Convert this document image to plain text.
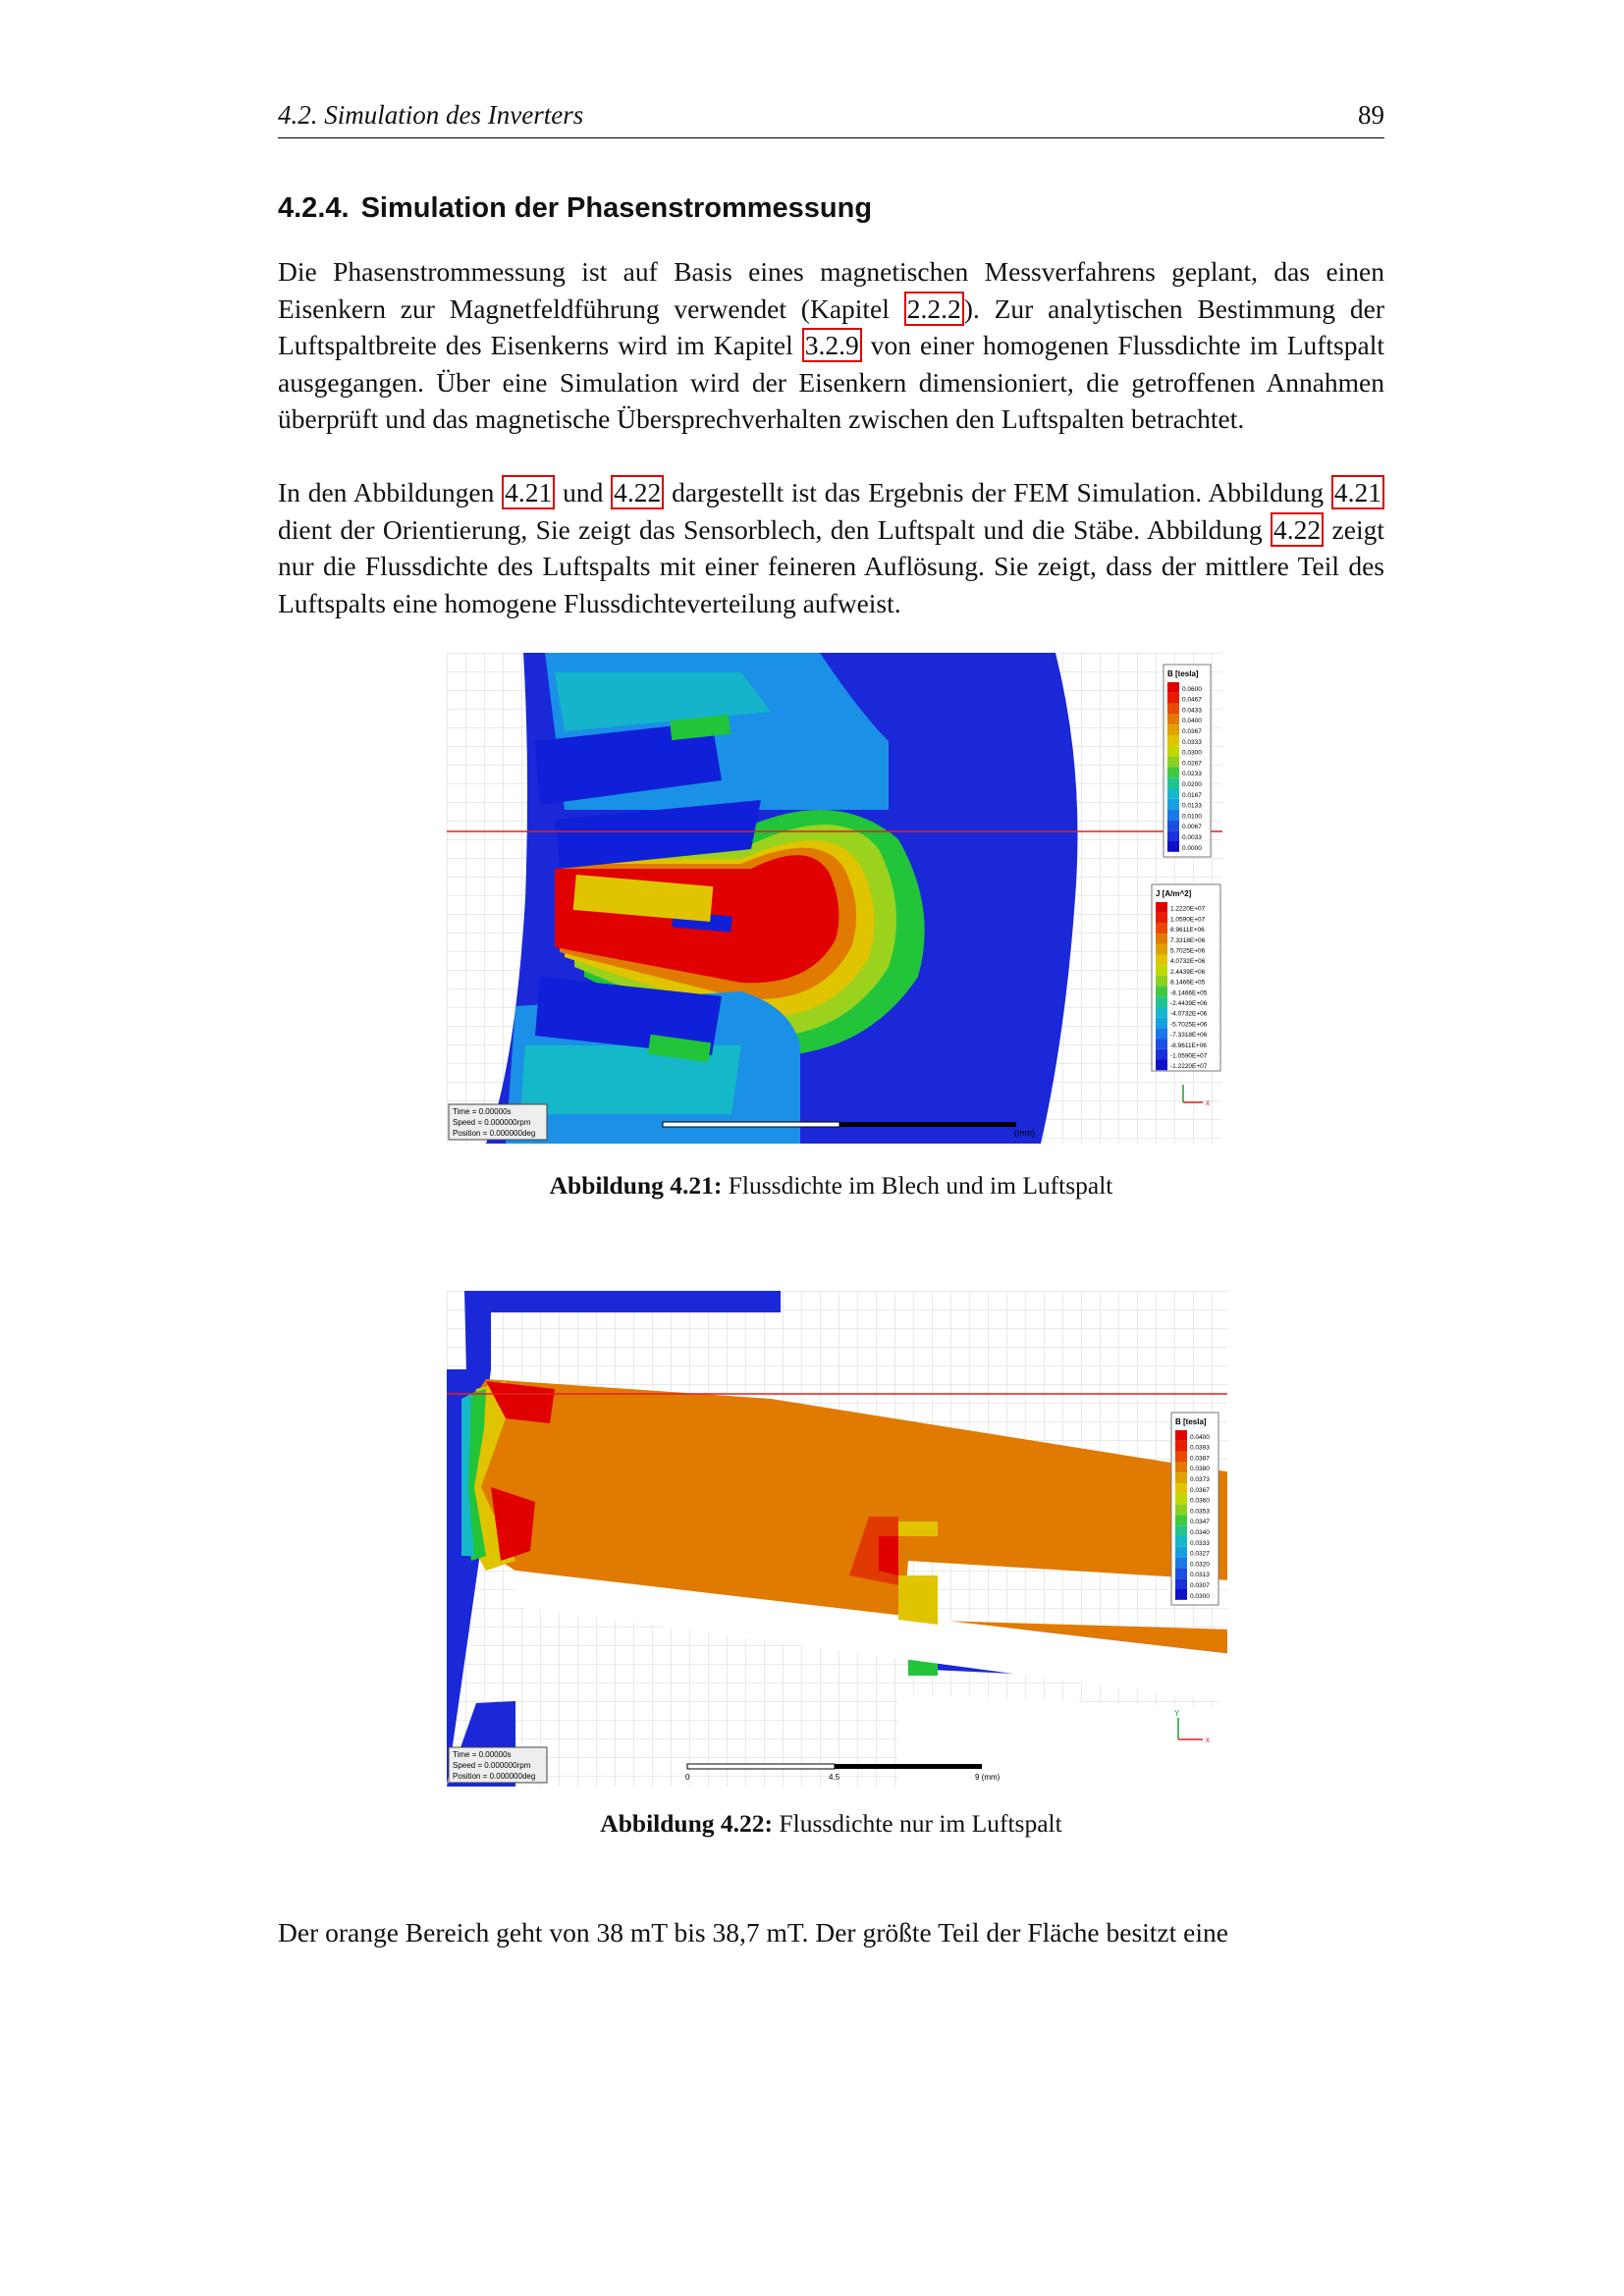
4.2. Simulation des Inverters	89
4.2.4. Simulation der Phasenstrommessung

Die Phasenstrommessung ist auf Basis eines magnetischen Messverfahrens geplant, das einen Eisenkern zur Magnetfeldführung verwendet (Kapitel 2.2.2 ). Zur analytischen Bestimmung der Luftspaltbreite des Eisenkerns wird im Kapitel 3.2.9 von einer homogenen Flussdichte im Luftspalt ausgegangen. Über eine Simulation wird der Eisenkern dimensioniert, die getroffenen Annahmen überprüft und das magnetische Übersprechverhalten zwischen den Luftspalten betrachtet.

In den Abbildungen 4.21 und 4.22 dargestellt ist das Ergebnis der FEM Simulation. Abbildung 4.21 dient der Orientierung, Sie zeigt das Sensorblech, den Luftspalt und die Stäbe. Abbildung 4.22 zeigt nur die Flussdichte des Luftspalts mit einer feineren Auflösung. Sie zeigt, dass der mittlere Teil des Luftspalts eine homogene Flussdichteverteilung aufweist.

(mm)
Time = 0.00000s
Speed = 0.000000rpm
Position = 0.000000deg
B [tesla]
0.0600
0.0467
0.0433
0.0400
0.0367
0.0333
0.0300
0.0267
0.0233
0.0200
0.0167
0.0133
0.0100
0.0067
0.0033
0.0000
J [A/m^2]
1.2220E+07
1.0590E+07
8.9611E+06
7.3318E+06
5.7025E+06
4.0732E+06
2.4439E+06
8.1466E+05
-8.1466E+05
-2.4439E+06
-4.0732E+06
-5.7025E+06
-7.3318E+06
-8.9611E+06
-1.0590E+07
-1.2220E+07
x
Abbildung 4.21: Flussdichte im Blech und im Luftspalt
B [tesla]
0.0400
0.0393
0.0387
0.0380
0.0373
0.0367
0.0360
0.0353
0.0347
0.0340
0.0333
0.0327
0.0320
0.0313
0.0307
0.0300
Y
x
0	4.5	9 (mm)
Time = 0.00000s
Speed = 0.000000rpm
Position = 0.000000deg
Abbildung 4.22: Flussdichte nur im Luftspalt

Der orange Bereich geht von 38 mT bis 38,7 mT. Der größte Teil der Fläche besitzt eine
